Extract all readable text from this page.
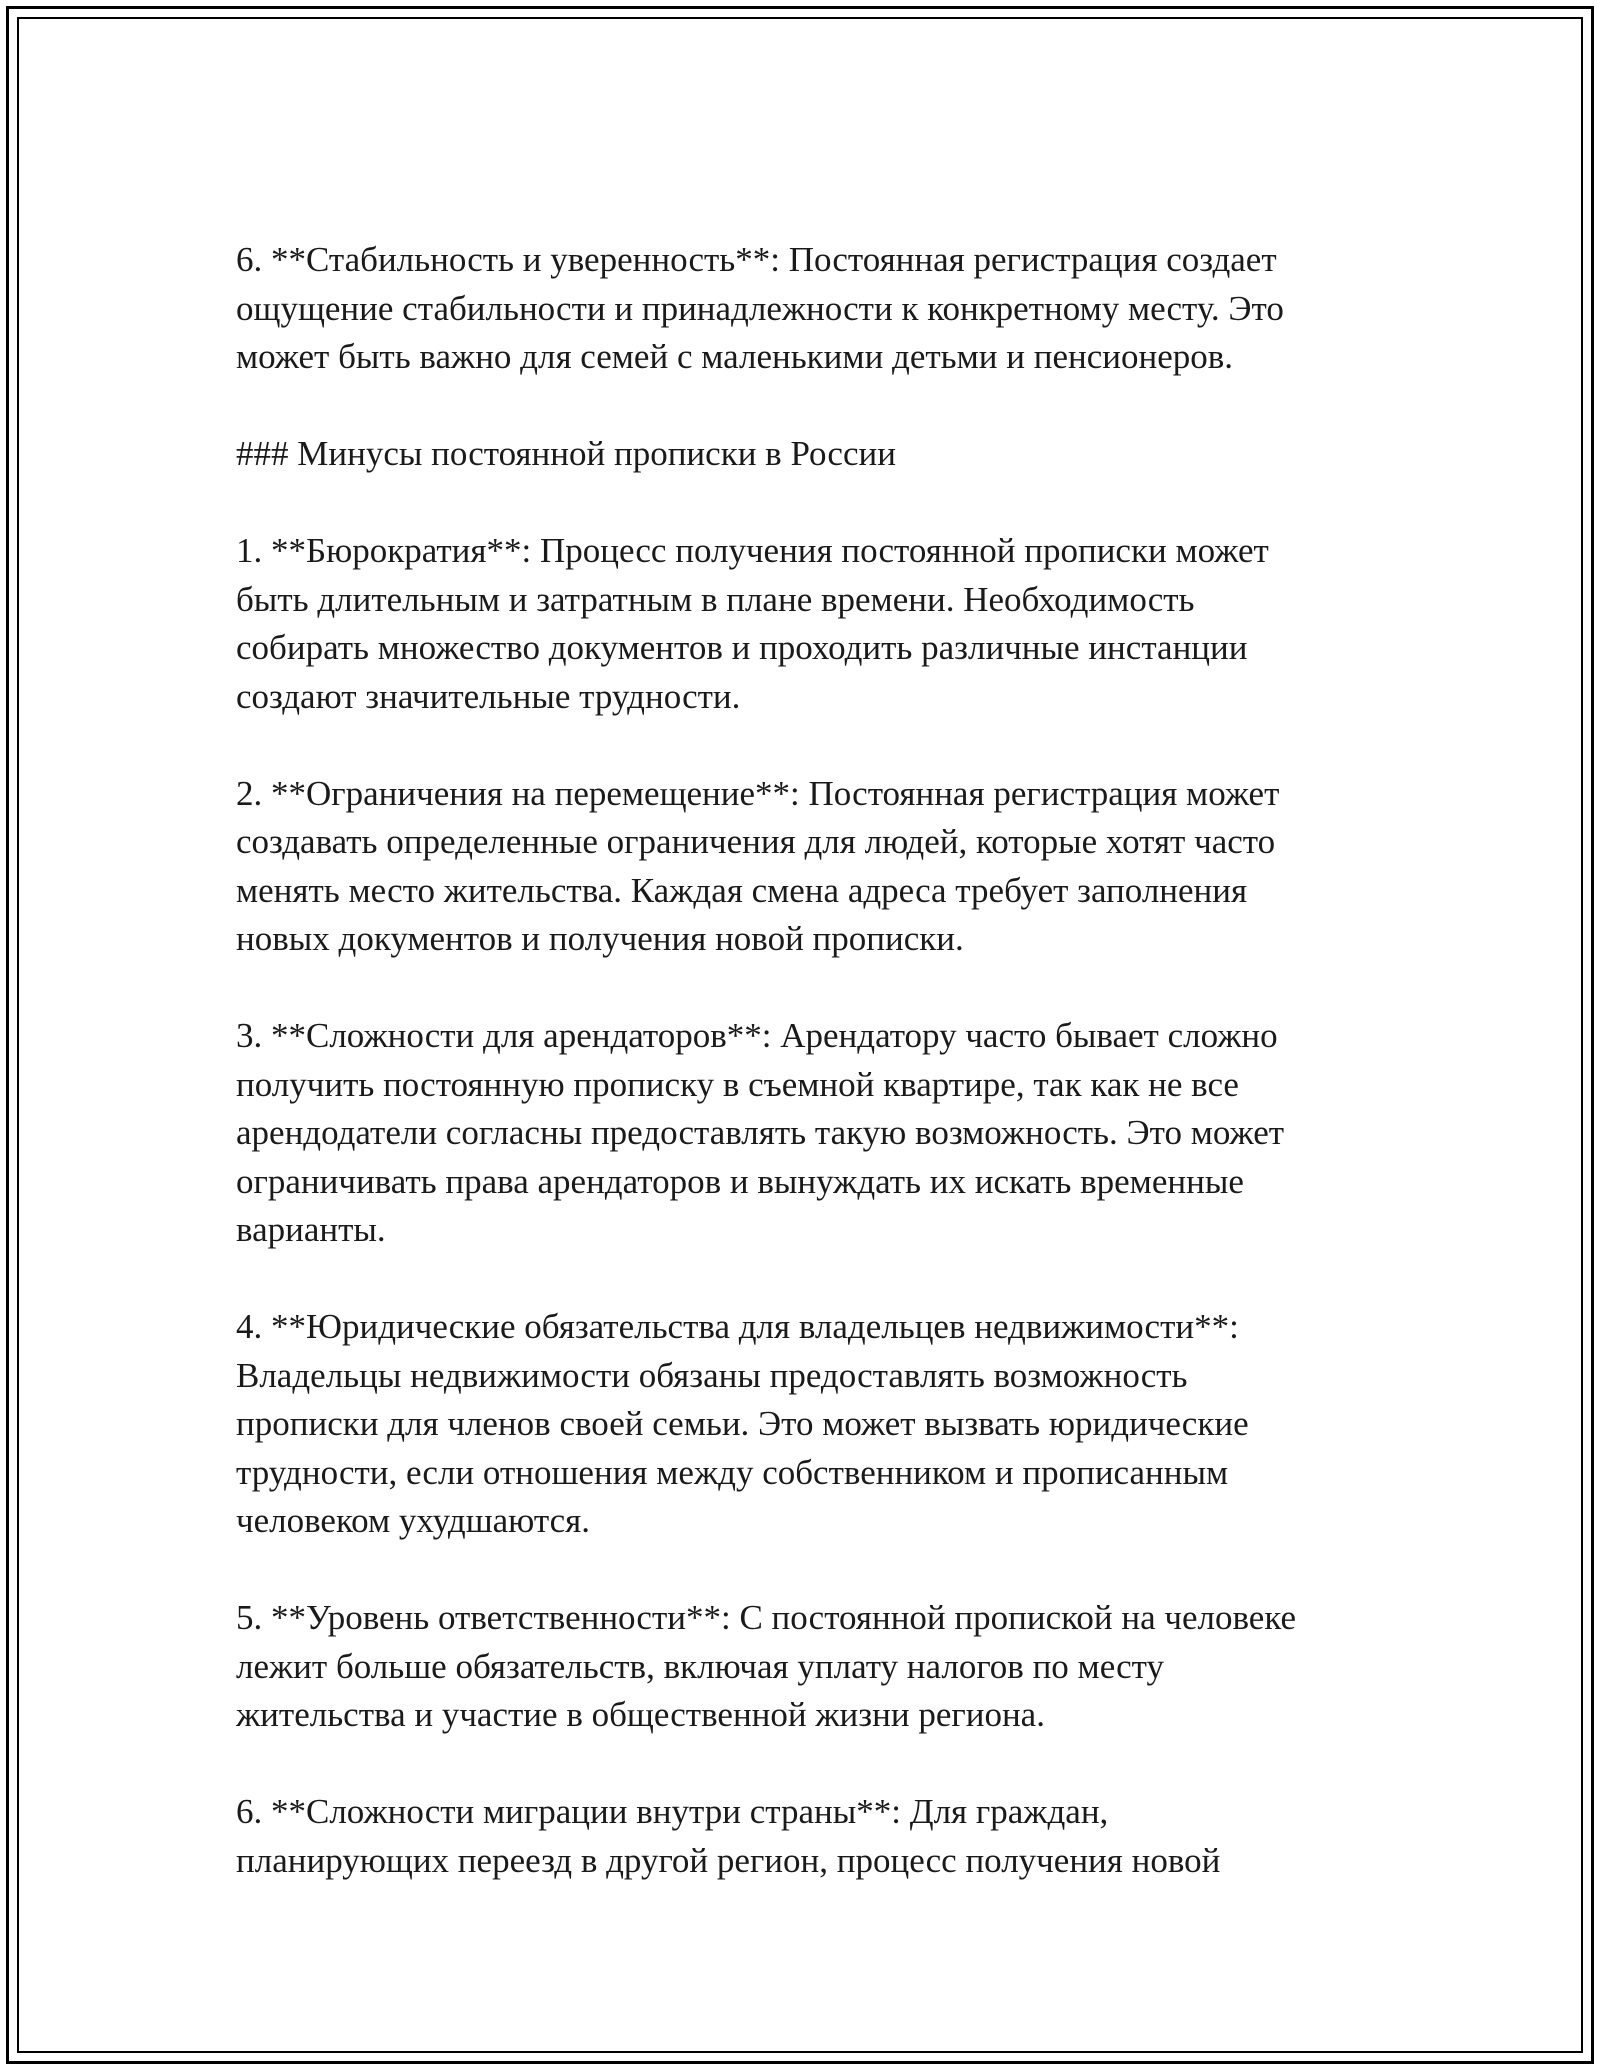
6. **Стабильность и уверенность**: Постоянная регистрация создает
ощущение стабильности и принадлежности к конкретному месту. Это
может быть важно для семей с маленькими детьми и пенсионеров.

### Минусы постоянной прописки в России

1. **Бюрократия**: Процесс получения постоянной прописки может
быть длительным и затратным в плане времени. Необходимость
собирать множество документов и проходить различные инстанции
создают значительные трудности.

2. **Ограничения на перемещение**: Постоянная регистрация может
создавать определенные ограничения для людей, которые хотят часто
менять место жительства. Каждая смена адреса требует заполнения
новых документов и получения новой прописки.

3. **Сложности для арендаторов**: Арендатору часто бывает сложно
получить постоянную прописку в съемной квартире, так как не все
арендодатели согласны предоставлять такую возможность. Это может
ограничивать права арендаторов и вынуждать их искать временные
варианты.

4. **Юридические обязательства для владельцев недвижимости**:
Владельцы недвижимости обязаны предоставлять возможность
прописки для членов своей семьи. Это может вызвать юридические
трудности, если отношения между собственником и прописанным
человеком ухудшаются.

5. **Уровень ответственности**: С постоянной пропиской на человеке
лежит больше обязательств, включая уплату налогов по месту
жительства и участие в общественной жизни региона.

6. **Сложности миграции внутри страны**: Для граждан,
планирующих переезд в другой регион, процесс получения новой
